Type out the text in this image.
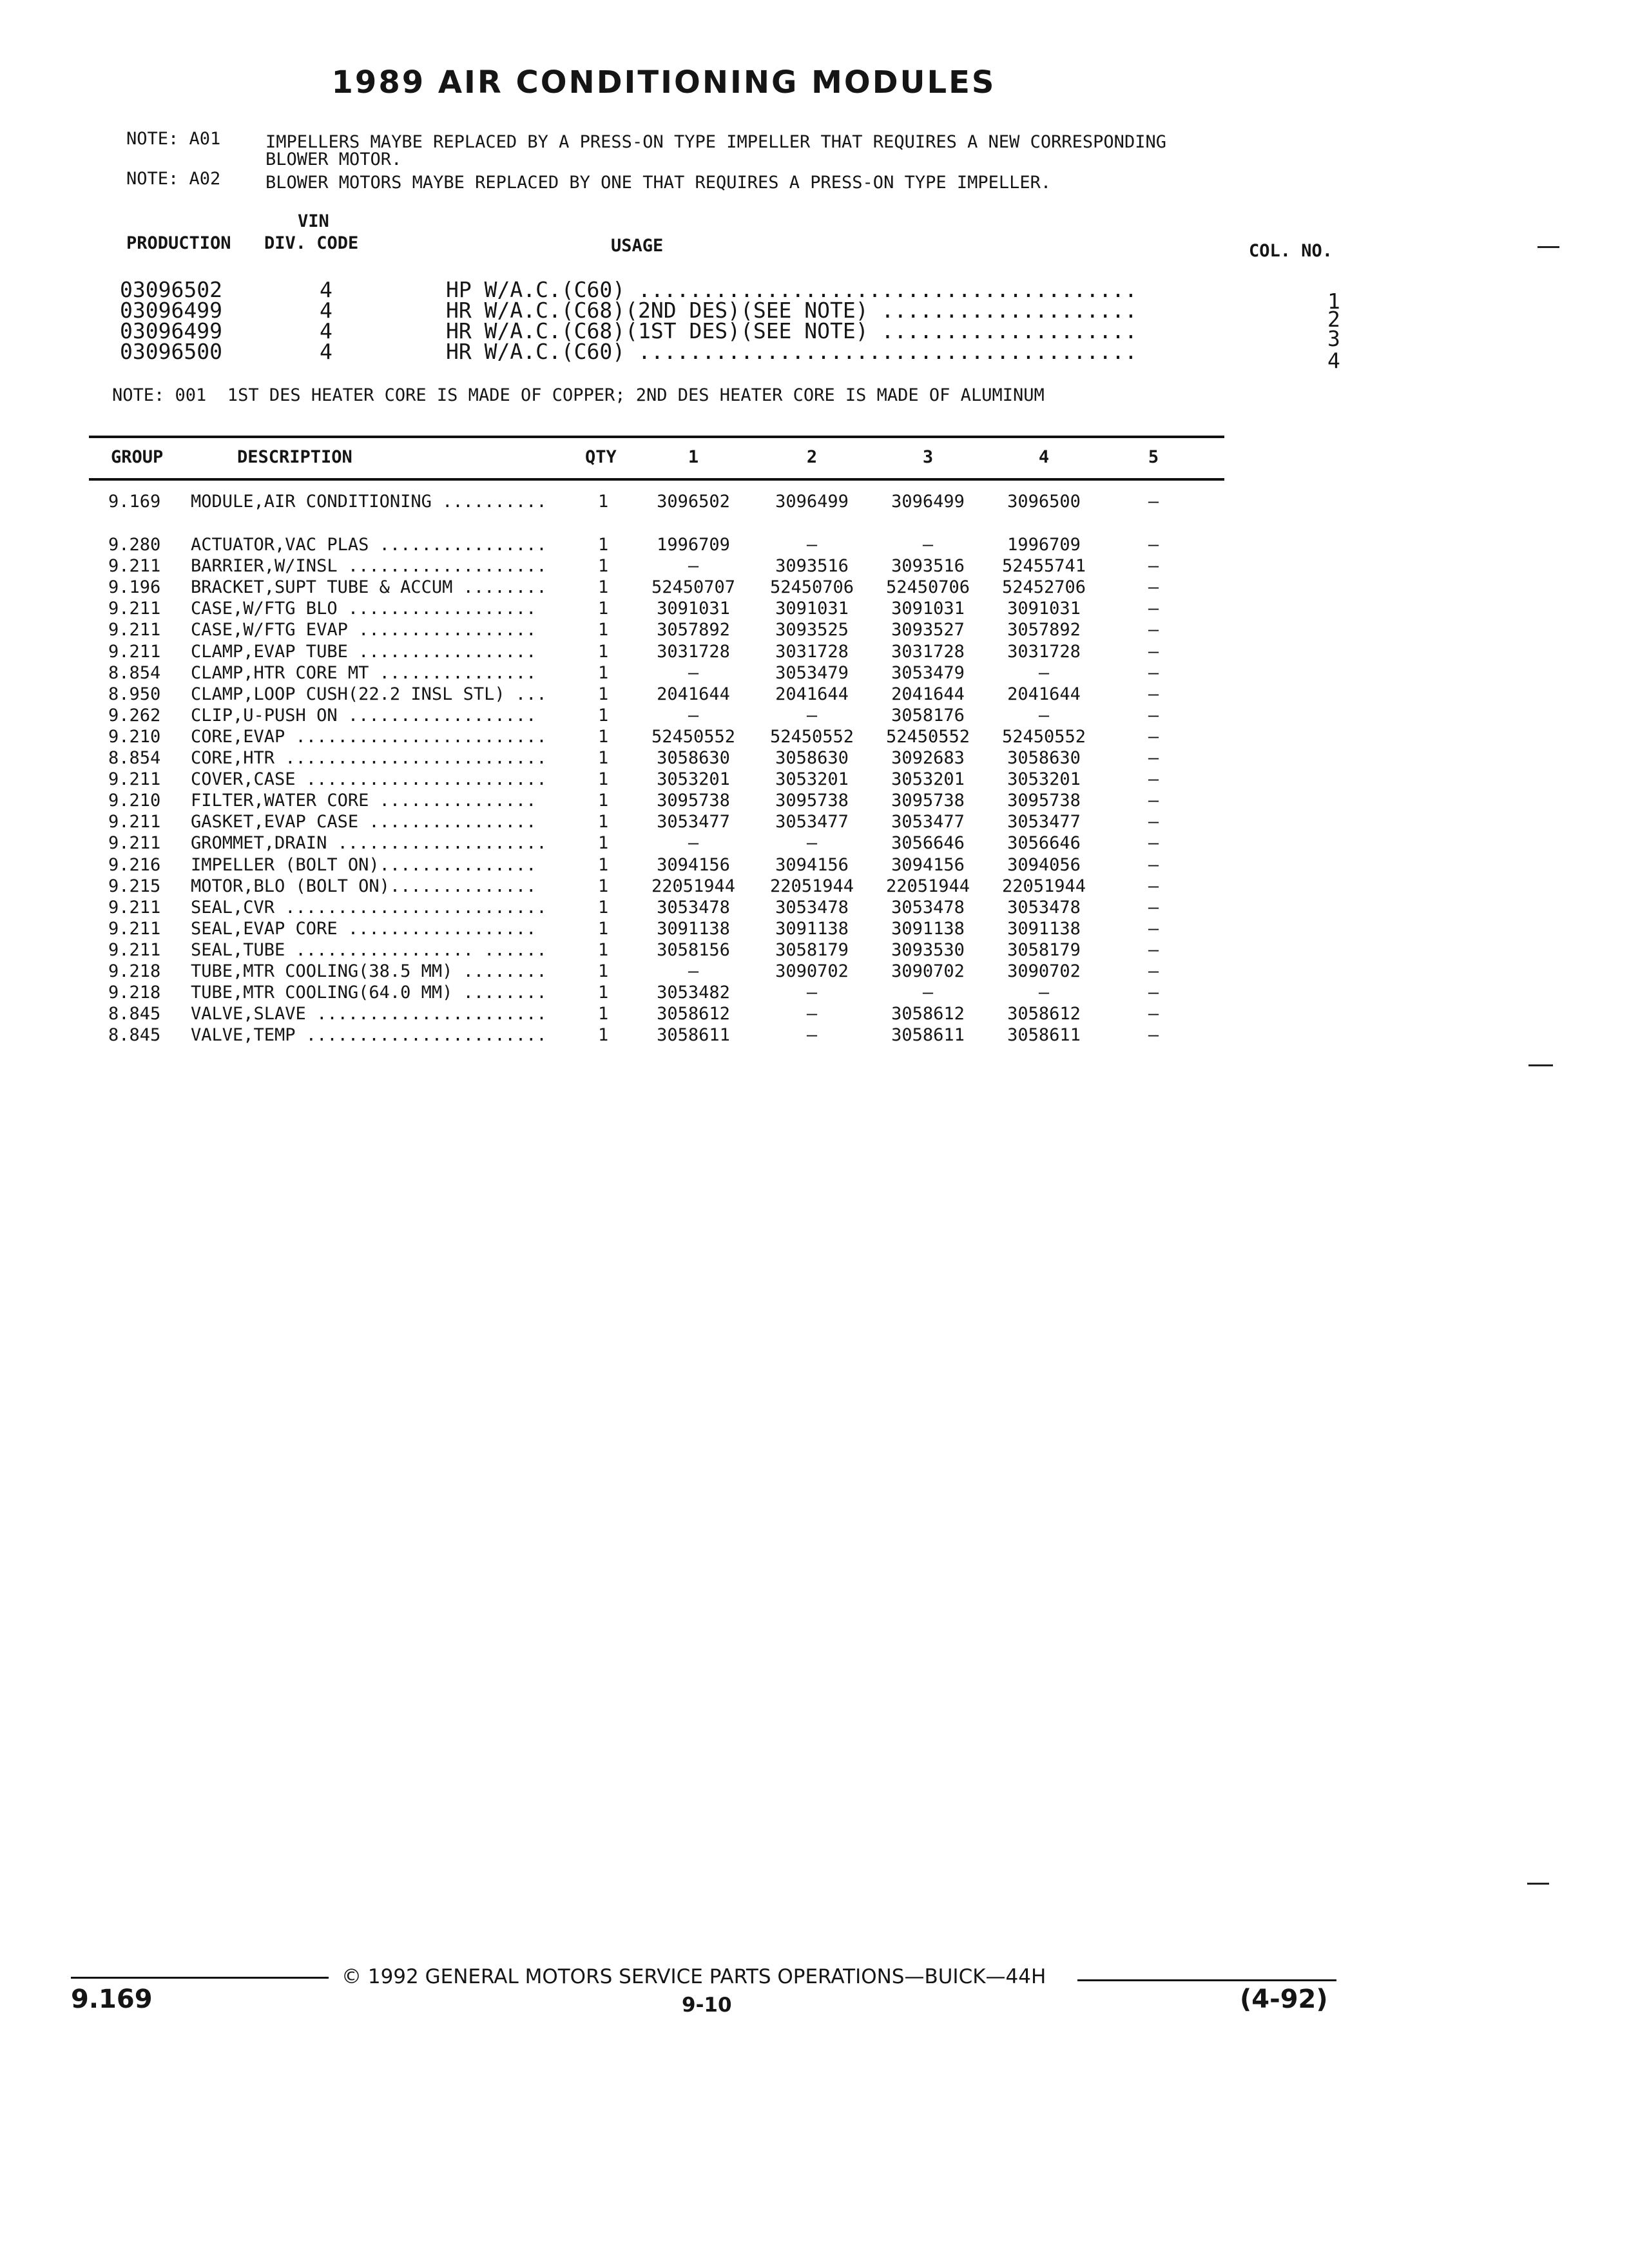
1989 AIR CONDITIONING MODULES
NOTE: A01	IMPELLERS MAYBE REPLACED BY A PRESS-ON TYPE IMPELLER THAT REQUIRES A NEW CORRESPONDING
BLOWER MOTOR.
NOTE: A02	BLOWER MOTORS MAYBE REPLACED BY ONE THAT REQUIRES A PRESS-ON TYPE IMPELLER.
VIN
PRODUCTION DIV. CODE	USAGE	COL. NO.
03096502	4	HP W/A.C.(C60) .......................................	1
03096499	4	HR W/A.C.(C68)(2ND DES)(SEE NOTE) ....................	2
03096499	4	HR W/A.C.(C68)(1ST DES)(SEE NOTE) ....................	3
03096500	4	HR W/A.C.(C60) .......................................	4
NOTE: 001  1ST DES HEATER CORE IS MADE OF COPPER; 2ND DES HEATER CORE IS MADE OF ALUMINUM
GROUP	DESCRIPTION	QTY	1	2	3	4	5
9.169 MODULE,AIR CONDITIONING ..........	1	3096502	3096499	3096499	3096500	—
9.280 ACTUATOR,VAC PLAS ................	1	1996709	—	—	1996709	—
9.211 BARRIER,W/INSL ...................	1	—	3093516	3093516	52455741	—
9.196 BRACKET,SUPT TUBE & ACCUM ........	1	52450707	52450706	52450706	52452706	—
9.211 CASE,W/FTG BLO ..................	1	3091031	3091031	3091031	3091031	—
9.211 CASE,W/FTG EVAP .................	1	3057892	3093525	3093527	3057892	—
9.211 CLAMP,EVAP TUBE .................	1	3031728	3031728	3031728	3031728	—
8.854 CLAMP,HTR CORE MT ...............	1	—	3053479	3053479	—	—
8.950 CLAMP,LOOP CUSH(22.2 INSL STL) ...	1	2041644	2041644	2041644	2041644	—
9.262 CLIP,U-PUSH ON ..................	1	—	—	3058176	—	—
9.210 CORE,EVAP ........................	1	52450552	52450552	52450552	52450552	—
8.854 CORE,HTR .........................	1	3058630	3058630	3092683	3058630	—
9.211 COVER,CASE .......................	1	3053201	3053201	3053201	3053201	—
9.210 FILTER,WATER CORE ...............	1	3095738	3095738	3095738	3095738	—
9.211 GASKET,EVAP CASE ................	1	3053477	3053477	3053477	3053477	—
9.211 GROMMET,DRAIN ....................	1	—	—	3056646	3056646	—
9.216 IMPELLER (BOLT ON)...............	1	3094156	3094156	3094156	3094056	—
9.215 MOTOR,BLO (BOLT ON)..............	1	22051944	22051944	22051944	22051944	—
9.211 SEAL,CVR .........................	1	3053478	3053478	3053478	3053478	—
9.211 SEAL,EVAP CORE ..................	1	3091138	3091138	3091138	3091138	—
9.211 SEAL,TUBE ................. ......	1	3058156	3058179	3093530	3058179	—
9.218 TUBE,MTR COOLING(38.5 MM) ........	1	—	3090702	3090702	3090702	—
9.218 TUBE,MTR COOLING(64.0 MM) ........	1	3053482	—	—	—	—
8.845 VALVE,SLAVE ......................	1	3058612	—	3058612	3058612	—
8.845 VALVE,TEMP .......................	1	3058611	—	3058611	3058611	—
© 1992 GENERAL MOTORS SERVICE PARTS OPERATIONS—BUICK—44H
9.169	9-10	(4-92)
